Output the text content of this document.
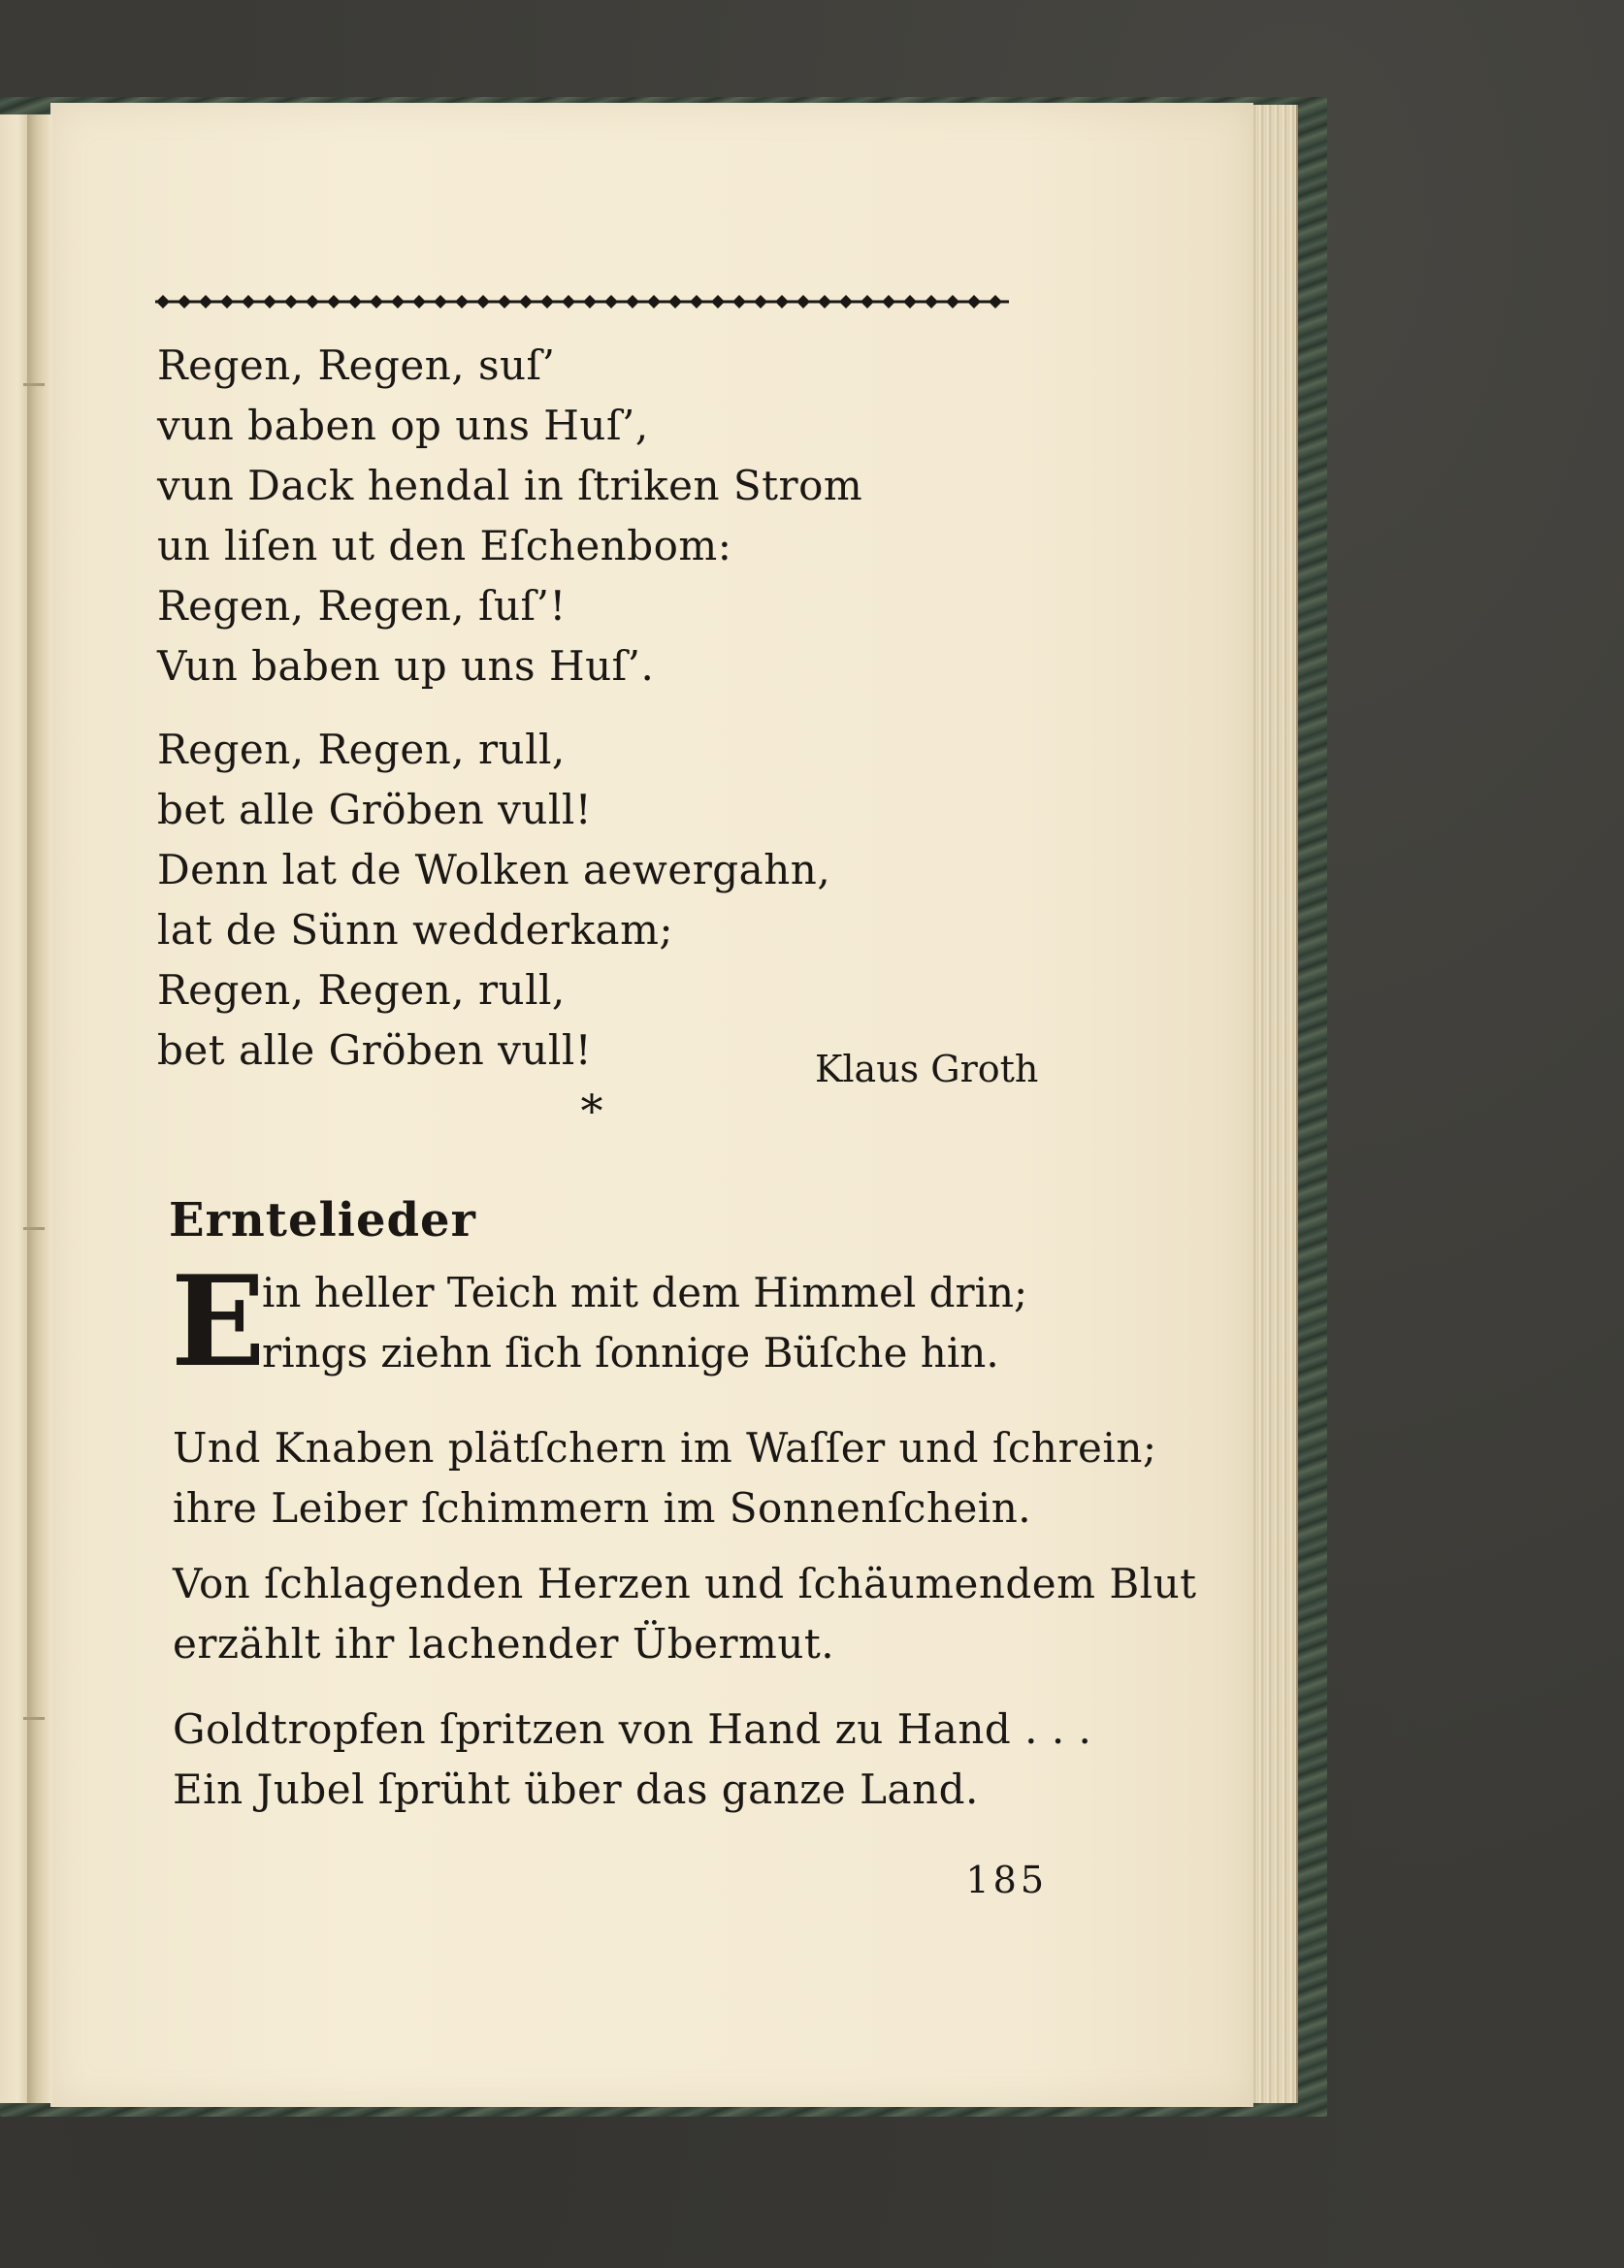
Regen, Regen, suſ’
vun baben op uns Huſ’,
vun Dack hendal in ſtriken Strom
un liſen ut den Eſchenbom:
Regen, Regen, ſuſ’!
Vun baben up uns Huſ’.
Regen, Regen, rull,
bet alle Gröben vull!
Denn lat de Wolken aewergahn,
lat de Sünn wedderkam;
Regen, Regen, rull,
bet alle Gröben vull!	Klaus Groth
*
Erntelieder
E
in heller Teich mit dem Himmel drin;
rings ziehn ſich ſonnige Büſche hin.
Und Knaben plätſchern im Waſſer und ſchrein;
ihre Leiber ſchimmern im Sonnenſchein.
Von ſchlagenden Herzen und ſchäumendem Blut
erzählt ihr lachender Übermut.
Goldtropfen ſpritzen von Hand zu Hand . . .
Ein Jubel ſprüht über das ganze Land.
185
